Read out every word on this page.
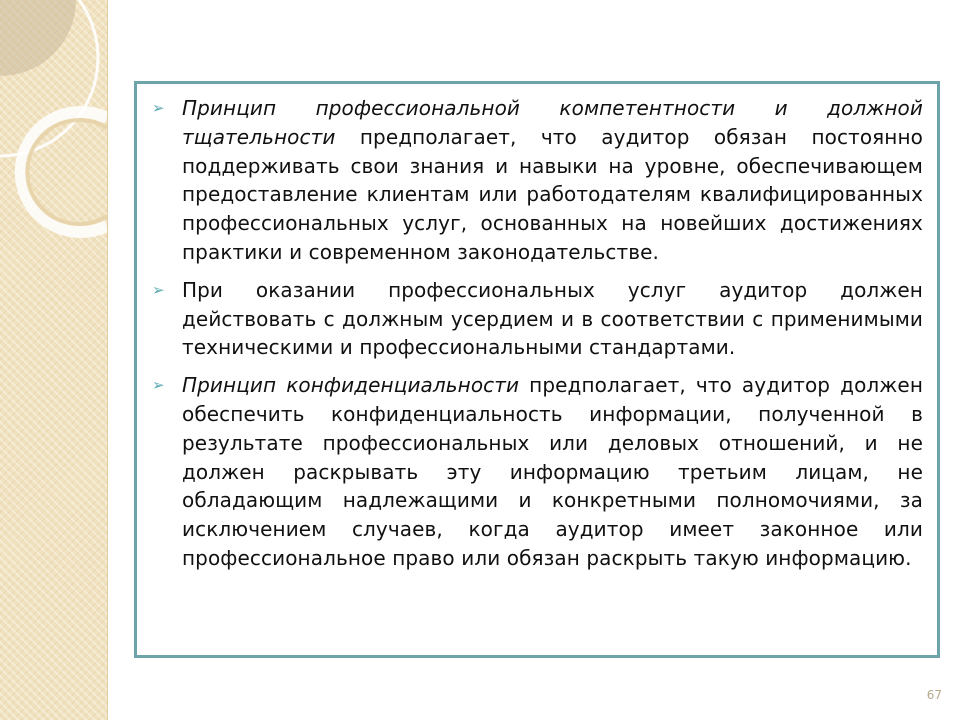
➢ Принцип профессиональной компетентности и должной тщательности предполагает, что аудитор обязан постоянно поддерживать свои знания и навыки на уровне, обеспечивающем предоставление клиентам или работодателям квалифицированных профессиональных услуг, основанных на новейших достижениях практики и современном законодательстве.
➢ При оказании профессиональных услуг аудитор должен действовать с должным усердием и в соответствии с применимыми техническими и профессиональными стандартами.
➢ Принцип конфиденциальности предполагает, что аудитор должен обеспечить конфиденциальность информации, полученной в результате профессиональных или деловых отношений, и не должен раскрывать эту информацию третьим лицам, не обладающим надлежащими и конкретными полномочиями, за исключением случаев, когда аудитор имеет законное или профессиональное право или обязан раскрыть такую информацию.
67
